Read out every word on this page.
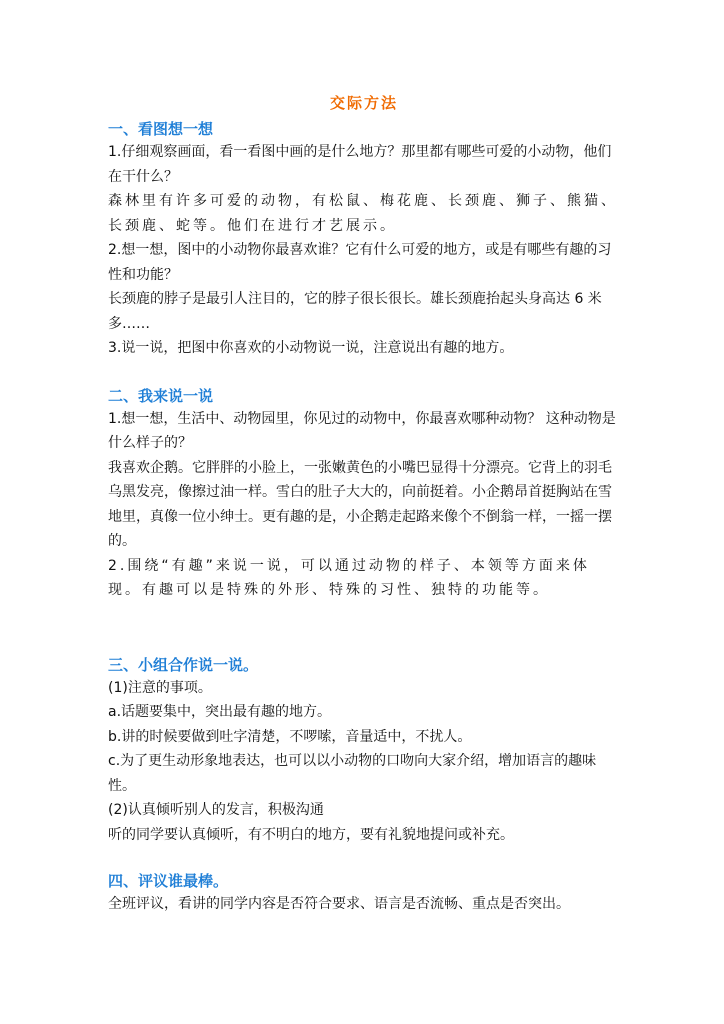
交际方法
一、看图想一想

1.仔细观察画面，看一看图中画的是什么地方？那里都有哪些可爱的小动物，他们在干什么？

森林里有许多可爱的动物，有松鼠、梅花鹿、长颈鹿、狮子、熊猫、长颈鹿、蛇等。他们在进行才艺展示。

2.想一想，图中的小动物你最喜欢谁？它有什么可爱的地方，或是有哪些有趣的习性和功能？

长颈鹿的脖子是最引人注目的，它的脖子很长很长。雄长颈鹿抬起头身高达 6 米多……

3.说一说，把图中你喜欢的小动物说一说，注意说出有趣的地方。

二、我来说一说

1.想一想，生活中、动物园里，你见过的动物中，你最喜欢哪种动物？ 这种动物是什么样子的？

我喜欢企鹅。它胖胖的小脸上，一张嫩黄色的小嘴巴显得十分漂亮。它背上的羽毛乌黑发亮，像擦过油一样。雪白的肚子大大的，向前挺着。小企鹅昂首挺胸站在雪地里，真像一位小绅士。更有趣的是，小企鹅走起路来像个不倒翁一样，一摇一摆的。

2.围绕“有趣”来说一说，可以通过动物的样子、本领等方面来体现。有趣可以是特殊的外形、特殊的习性、独特的功能等。

三、小组合作说一说。

(1)注意的事项。

a.话题要集中，突出最有趣的地方。

b.讲的时候要做到吐字清楚，不啰嗦，音量适中，不扰人。

c.为了更生动形象地表达，也可以以小动物的口吻向大家介绍，增加语言的趣味性。

(2)认真倾听别人的发言，积极沟通

听的同学要认真倾听，有不明白的地方，要有礼貌地提问或补充。

四、评议谁最棒。

全班评议，看讲的同学内容是否符合要求、语言是否流畅、重点是否突出。
